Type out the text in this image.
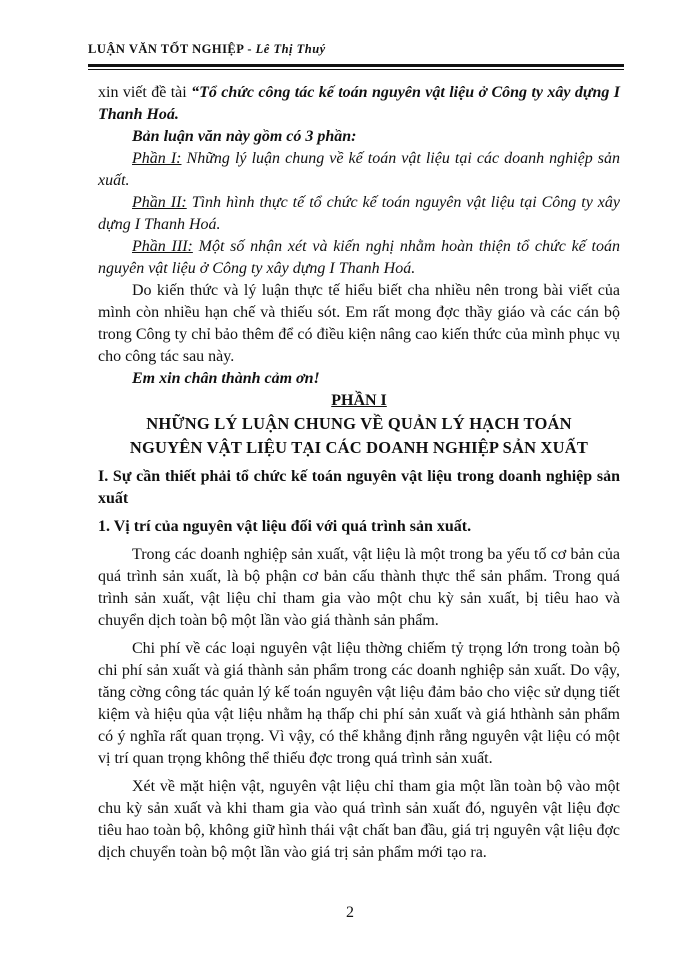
LUẬN VĂN TỐT NGHIỆP - Lê Thị Thuý

xin viết đề tài “Tổ chức công tác kế toán nguyên vật liệu ở Công ty xây dựng I Thanh Hoá.

Bản luận văn này gồm có 3 phần:

Phần I: Những lý luận chung về kế toán vật liệu tại các doanh nghiệp sản xuất.

Phần II: Tình hình thực tế tổ chức kế toán nguyên vật liệu tại Công ty xây dựng I Thanh Hoá.

Phần III: Một số nhận xét và kiến nghị nhằm hoàn thiện tổ chức kế toán nguyên vật liệu ở Công ty xây dựng I Thanh Hoá.

Do kiến thức và lý luận thực tế hiểu biết cha nhiều nên trong bài viết của mình còn nhiều hạn chế và thiếu sót. Em rất mong đợc thầy giáo và các cán bộ trong Công ty chỉ bảo thêm để có điều kiện nâng cao kiến thức của mình phục vụ cho công tác sau này.

Em xin chân thành cảm ơn!

PHẦN I

NHỮNG LÝ LUẬN CHUNG VỀ QUẢN LÝ HẠCH TOÁN

NGUYÊN VẬT LIỆU TẠI CÁC DOANH NGHIỆP SẢN XUẤT

I. Sự cần thiết phải tổ chức kế toán nguyên vật liệu trong doanh nghiệp sản xuất

1. Vị trí của nguyên vật liệu đối với quá trình sản xuất.

Trong các doanh nghiệp sản xuất, vật liệu là một trong ba yếu tố cơ bản của quá trình sản xuất, là bộ phận cơ bản cấu thành thực thể sản phẩm. Trong quá trình sản xuất, vật liệu chỉ tham gia vào một chu kỳ sản xuất, bị tiêu hao và chuyển dịch toàn bộ một lần vào giá thành sản phẩm.

Chi phí về các loại nguyên vật liệu thờng chiếm tỷ trọng lớn trong toàn bộ chi phí sản xuất và giá thành sản phẩm trong các doanh nghiệp sản xuất. Do vậy, tăng cờng công tác quản lý kế toán nguyên vật liệu đảm bảo cho việc sử dụng tiết kiệm và hiệu qủa vật liệu nhằm hạ thấp chi phí sản xuất và giá hthành sản phẩm có ý nghĩa rất quan trọng. Vì vậy, có thể khẳng định rằng nguyên vật liệu có một vị trí quan trọng không thể thiếu đợc trong quá trình sản xuất.

Xét về mặt hiện vật, nguyên vật liệu chỉ tham gia một lần toàn bộ vào một chu kỳ sản xuất và khi tham gia vào quá trình sản xuất đó, nguyên vật liệu đợc tiêu hao toàn bộ, không giữ hình thái vật chất ban đầu, giá trị nguyên vật liệu đợc dịch chuyển toàn bộ một lần vào giá trị sản phẩm mới tạo ra.

2
